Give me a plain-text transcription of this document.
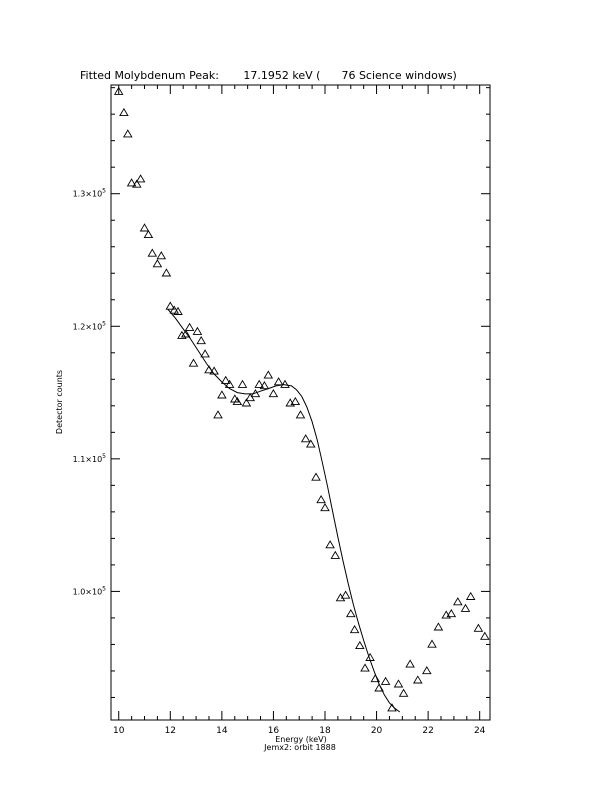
10	12	14	16	18	20	22	24
$1.0\times 10^5$
$1.1\times 10^5$
$1.2\times 10^5$
$1.3\times 10^5$
Fitted Molybdenum Peak:       17.1952 keV (      76 Science windows)
Energy (keV)
Jemx2: orbit 1888
Detector counts
